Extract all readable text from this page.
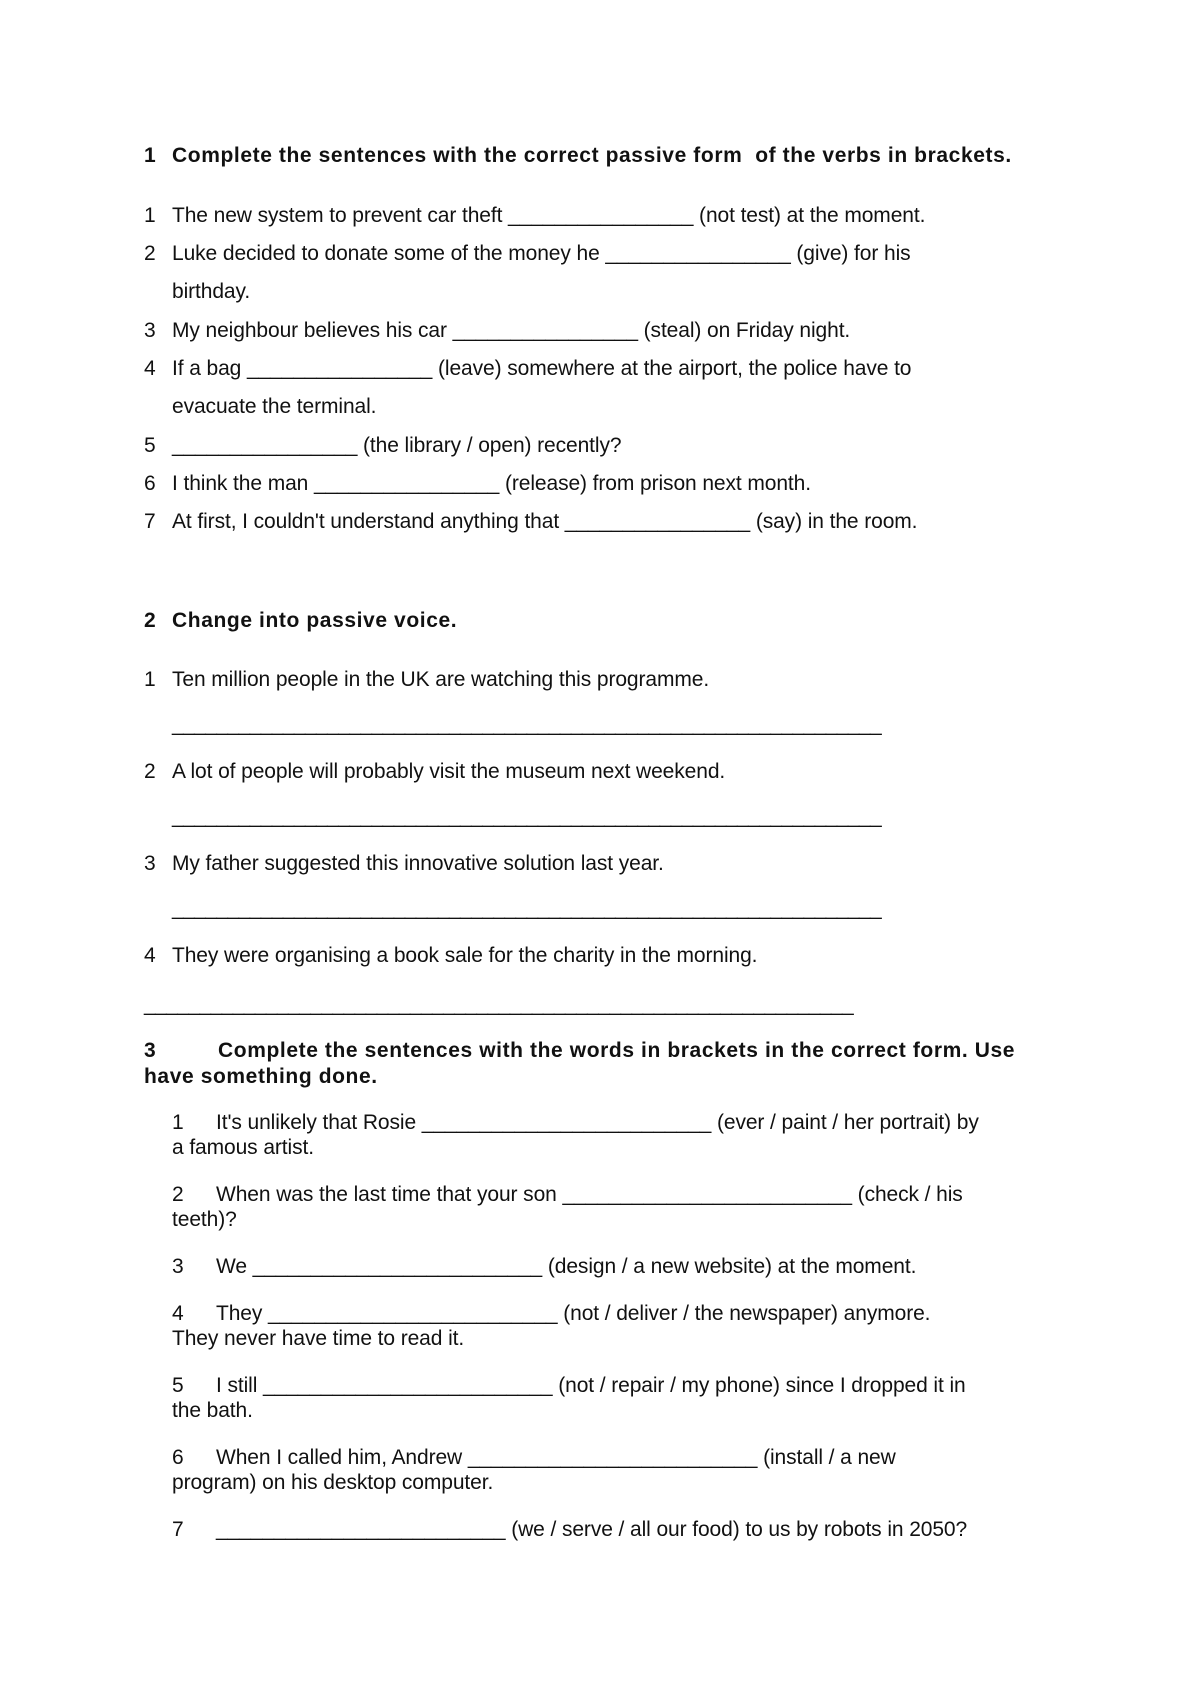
1 Complete the sentences with the correct passive form  of the verbs in brackets.
1 The new system to prevent car theft ________________ (not test) at the moment.
2 Luke decided to donate some of the money he ________________ (give) for his
birthday.
3 My neighbour believes his car ________________ (steal) on Friday night.
4 If a bag ________________ (leave) somewhere at the airport, the police have to
evacuate the terminal.
5 ________________ (the library / open) recently?
6 I think the man ________________ (release) from prison next month.
7 At first, I couldn't understand anything that ________________ (say) in the room.
2 Change into passive voice.
1 Ten million people in the UK are watching this programme.
________________________________________________________________
2 A lot of people will probably visit the museum next weekend.
________________________________________________________________
3 My father suggested this innovative solution last year.
________________________________________________________________
4 They were organising a book sale for the charity in the morning.
________________________________________________________________
3	Complete the sentences with the words in brackets in the correct form. Use
have something done.
1 It's unlikely that Rosie _________________________ (ever / paint / her portrait) by
a famous artist.
2 When was the last time that your son _________________________ (check / his
teeth)?
3 We _________________________ (design / a new website) at the moment.
4 They _________________________ (not / deliver / the newspaper) anymore.
They never have time to read it.
5 I still _________________________ (not / repair / my phone) since I dropped it in
the bath.
6 When I called him, Andrew _________________________ (install / a new
program) on his desktop computer.
7 _________________________ (we / serve / all our food) to us by robots in 2050?
